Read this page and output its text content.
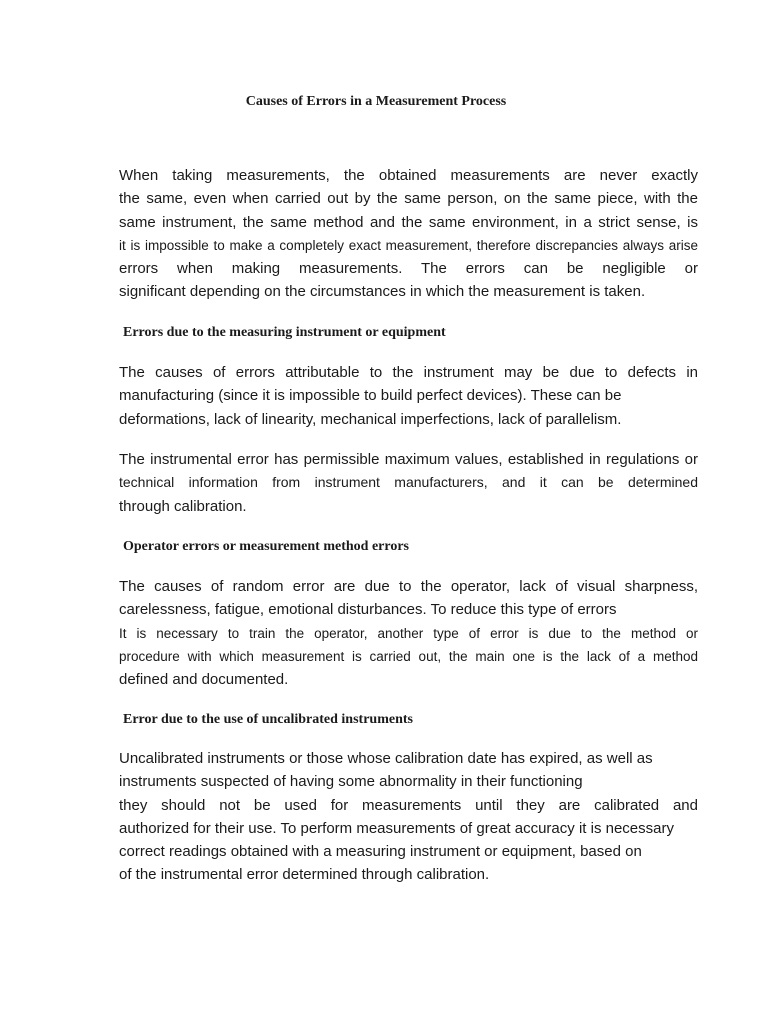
Causes of Errors in a Measurement Process
When taking measurements, the obtained measurements are never exactly
the same, even when carried out by the same person, on the same piece, with the
same instrument, the same method and the same environment, in a strict sense, is
it is impossible to make a completely exact measurement, therefore discrepancies always arise
errors when making measurements. The errors can be negligible or
significant depending on the circumstances in which the measurement is taken.
Errors due to the measuring instrument or equipment
The causes of errors attributable to the instrument may be due to defects in
manufacturing (since it is impossible to build perfect devices). These can be
deformations, lack of linearity, mechanical imperfections, lack of parallelism.
The instrumental error has permissible maximum values, established in regulations or
technical information from instrument manufacturers, and it can be determined
through calibration.
Operator errors or measurement method errors
The causes of random error are due to the operator, lack of visual sharpness,
carelessness, fatigue, emotional disturbances. To reduce this type of errors
It is necessary to train the operator, another type of error is due to the method or
procedure with which measurement is carried out, the main one is the lack of a method
defined and documented.
Error due to the use of uncalibrated instruments
Uncalibrated instruments or those whose calibration date has expired, as well as
instruments suspected of having some abnormality in their functioning
they should not be used for measurements until they are calibrated and
authorized for their use. To perform measurements of great accuracy it is necessary
correct readings obtained with a measuring instrument or equipment, based on
of the instrumental error determined through calibration.
